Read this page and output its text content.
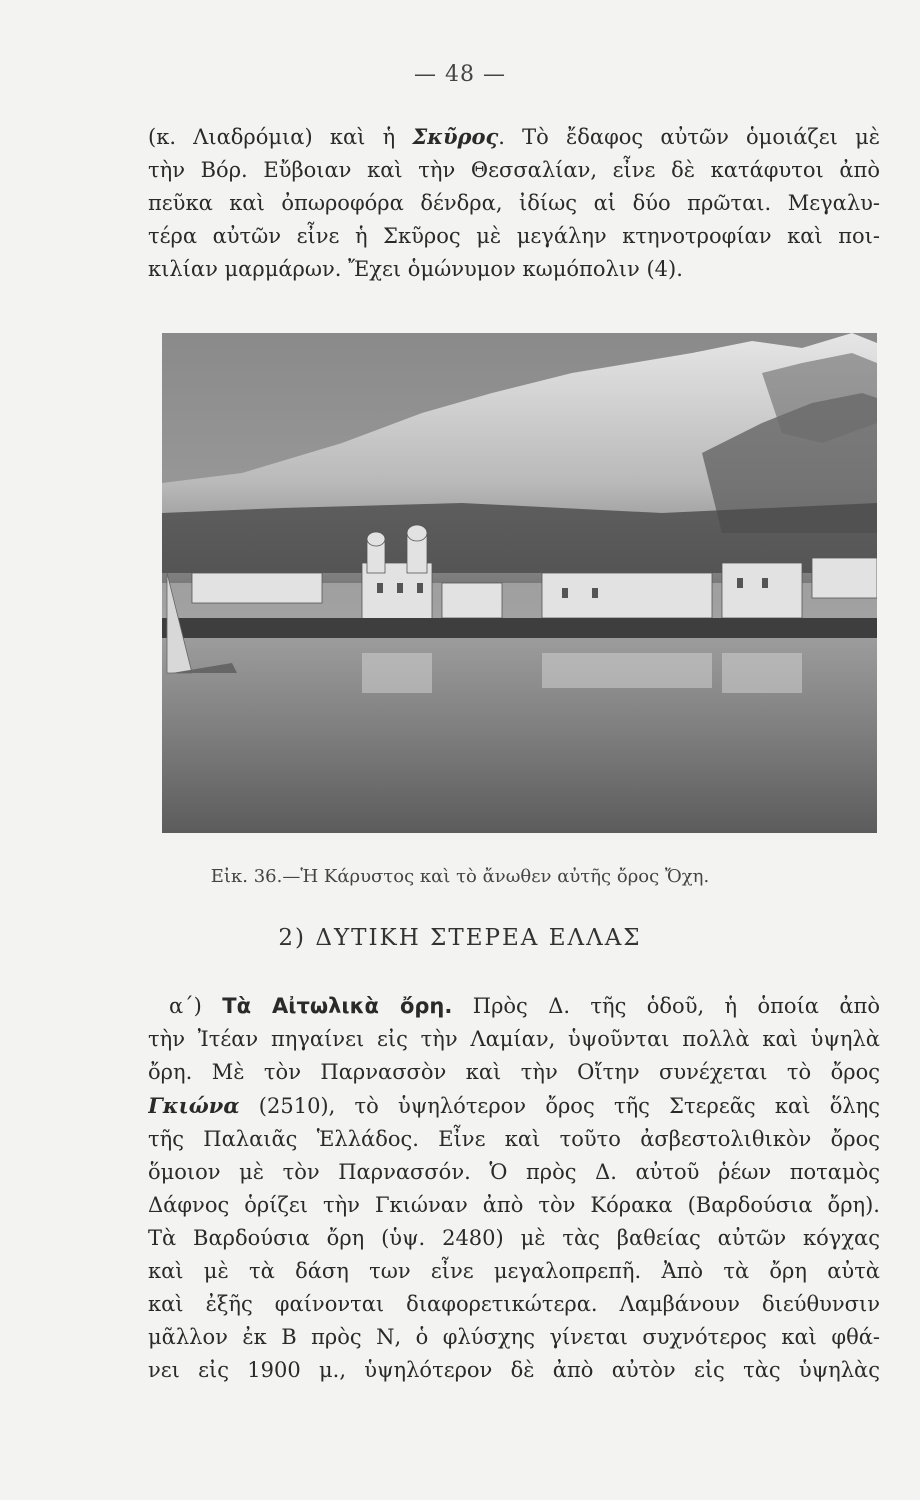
— 48 —
(κ. Λιαδρόμια) καὶ ἡ Σκῦρος. Τὸ ἔδαφος αὐτῶν ὁμοιάζει μὲ
τὴν Βόρ. Εὔβοιαν καὶ τὴν Θεσσαλίαν, εἶνε δὲ κατάφυτοι ἀπὸ
πεῦκα καὶ ὀπωροφόρα δένδρα, ἰδίως αἱ δύο πρῶται. Μεγαλυ-
τέρα αὐτῶν εἶνε ἡ Σκῦρος μὲ μεγάλην κτηνοτροφίαν καὶ ποι-
κιλίαν μαρμάρων. Ἔχει ὁμώνυμον κωμόπολιν (4).
Εἰκ. 36.—Ἡ Κάρυστος καὶ τὸ ἄνωθεν αὐτῆς ὄρος Ὄχη.
2) ΔΥΤΙΚΗ ΣΤΕΡΕΑ ΕΛΛΑΣ
 α΄) Τὰ Αἰτωλικὰ ὄρη. Πρὸς Δ. τῆς ὁδοῦ, ἡ ὁποία ἀπὸ
τὴν Ἰτέαν πηγαίνει εἰς τὴν Λαμίαν, ὑψοῦνται πολλὰ καὶ ὑψηλὰ
ὄρη. Μὲ τὸν Παρνασσὸν καὶ τὴν Οἴτην συνέχεται τὸ ὄρος
Γκιώνα (2510), τὸ ὑψηλότερον ὄρος τῆς Στερεᾶς καὶ ὅλης
τῆς Παλαιᾶς Ἑλλάδος. Εἶνε καὶ τοῦτο ἀσβεστολιθικὸν ὄρος
ὅμοιον μὲ τὸν Παρνασσόν. Ὁ πρὸς Δ. αὐτοῦ ῥέων ποταμὸς
Δάφνος ὁρίζει τὴν Γκιώναν ἀπὸ τὸν Κόρακα (Βαρδούσια ὄρη).
Τὰ Βαρδούσια ὄρη (ὑψ. 2480) μὲ τὰς βαθείας αὐτῶν κόγχας
καὶ μὲ τὰ δάση των εἶνε μεγαλοπρεπῆ. Ἀπὸ τὰ ὄρη αὐτὰ
καὶ ἐξῆς φαίνονται διαφορετικώτερα. Λαμβάνουν διεύθυνσιν
μᾶλλον ἐκ Β πρὸς Ν, ὁ φλύσχης γίνεται συχνότερος καὶ φθά-
νει εἰς 1900 μ., ὑψηλότερον δὲ ἀπὸ αὐτὸν εἰς τὰς ὑψηλὰς
